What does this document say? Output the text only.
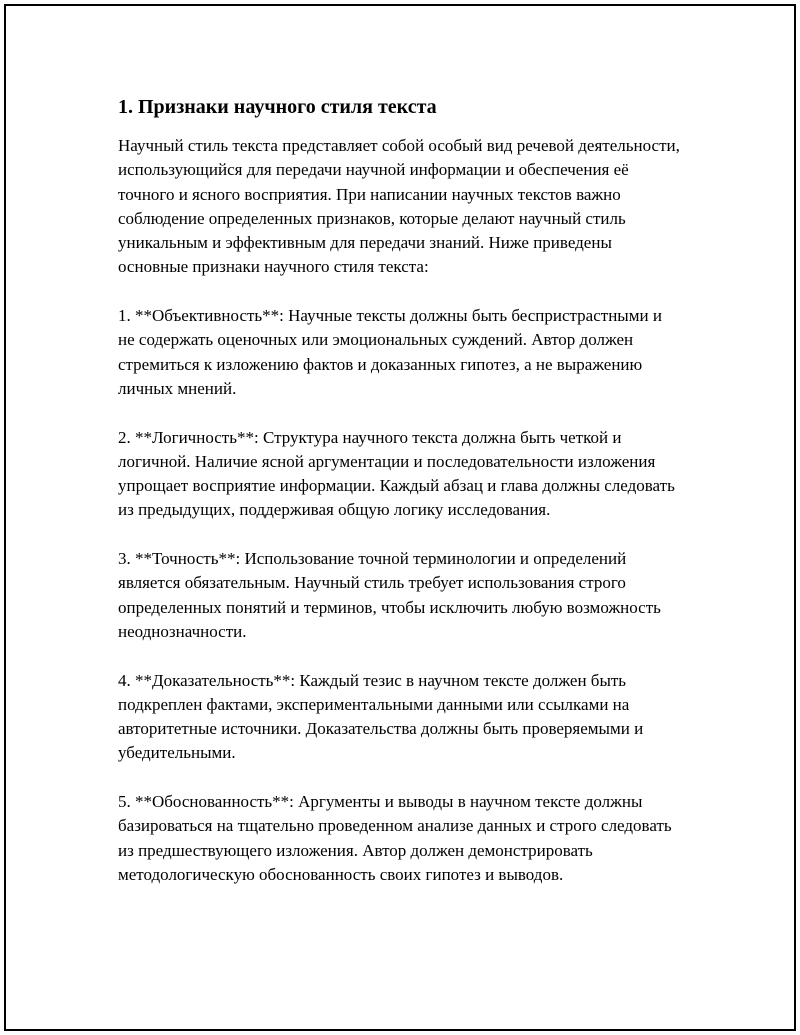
1. Признаки научного стиля текста

Научный стиль текста представляет собой особый вид речевой деятельности, использующийся для передачи научной информации и обеспечения её точного и ясного восприятия. При написании научных текстов важно соблюдение определенных признаков, которые делают научный стиль уникальным и эффективным для передачи знаний. Ниже приведены основные признаки научного стиля текста:

1. **Объективность**: Научные тексты должны быть беспристрастными и не содержать оценочных или эмоциональных суждений. Автор должен стремиться к изложению фактов и доказанных гипотез, а не выражению личных мнений.

2. **Логичность**: Структура научного текста должна быть четкой и логичной. Наличие ясной аргументации и последовательности изложения упрощает восприятие информации. Каждый абзац и глава должны следовать из предыдущих, поддерживая общую логику исследования.

3. **Точность**: Использование точной терминологии и определений является обязательным. Научный стиль требует использования строго определенных понятий и терминов, чтобы исключить любую возможность неоднозначности.

4. **Доказательность**: Каждый тезис в научном тексте должен быть подкреплен фактами, экспериментальными данными или ссылками на авторитетные источники. Доказательства должны быть проверяемыми и убедительными.

5. **Обоснованность**: Аргументы и выводы в научном тексте должны базироваться на тщательно проведенном анализе данных и строго следовать из предшествующего изложения. Автор должен демонстрировать методологическую обоснованность своих гипотез и выводов.
